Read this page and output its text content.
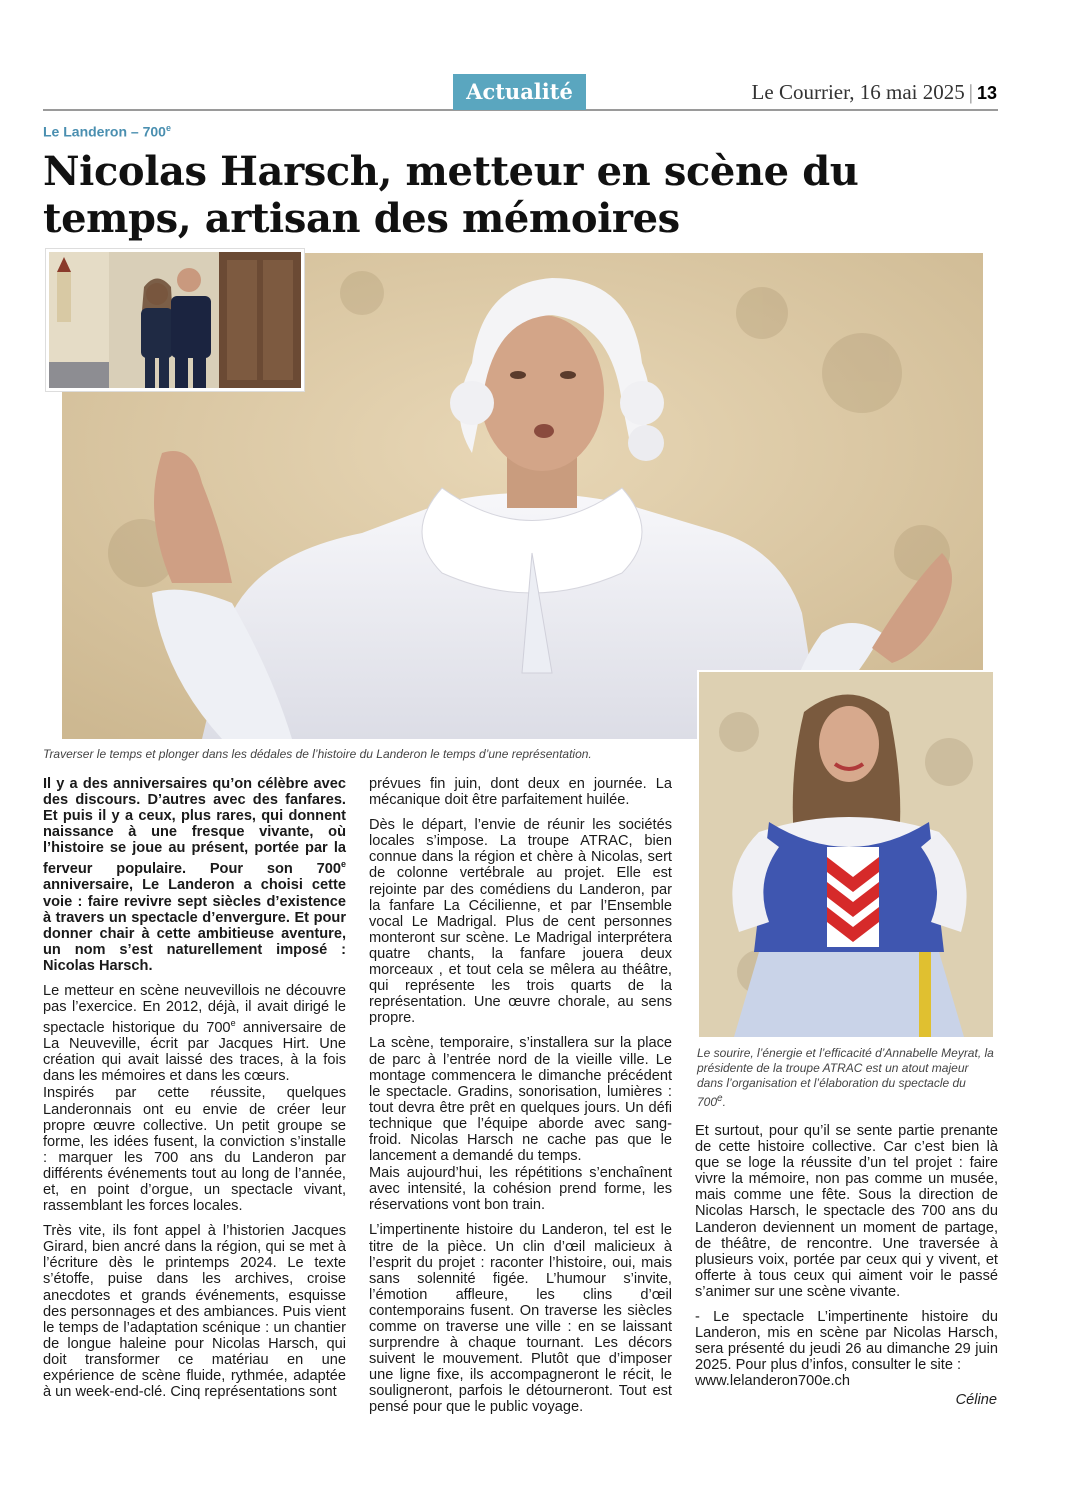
Actualité	Le Courrier, 16 mai 2025 | 13
Le Landeron – 700e
Nicolas Harsch, metteur en scène du temps, artisan des mémoires
Traverser le temps et plonger dans les dédales de l’histoire du Landeron le temps d’une représentation.
Le sourire, l’énergie et l’efficacité d’Annabelle Meyrat, la présidente de la troupe ATRAC est un atout majeur dans l’organisation et l’élaboration du spectacle du 700e.

Il y a des anniversaires qu’on célèbre avec des discours. D’autres avec des fanfares. Et puis il y a ceux, plus rares, qui donnent naissance à une fresque vivante, où l’histoire se joue au présent, portée par la ferveur populaire. Pour son 700e anniversaire, Le Landeron a choisi cette voie : faire revivre sept siècles d’existence à travers un spectacle d’envergure. Et pour donner chair à cette ambitieuse aventure, un nom s’est naturellement imposé : Nicolas Harsch.

Le metteur en scène neuvevillois ne découvre pas l’exercice. En 2012, déjà, il avait dirigé le spectacle historique du 700e anniversaire de La Neuveville, écrit par Jacques Hirt. Une création qui avait laissé des traces, à la fois dans les mémoires et dans les cœurs.

Inspirés par cette réussite, quelques Landeronnais ont eu envie de créer leur propre œuvre collective. Un petit groupe se forme, les idées fusent, la conviction s’installe : marquer les 700 ans du Landeron par différents événements tout au long de l’année, et, en point d’orgue, un spectacle vivant, rassemblant les forces locales.

Très vite, ils font appel à l’historien Jacques Girard, bien ancré dans la région, qui se met à l’écriture dès le printemps 2024. Le texte s’étoffe, puise dans les archives, croise anecdotes et grands événements, esquisse des personnages et des ambiances. Puis vient le temps de l’adaptation scénique : un chantier de longue haleine pour Nicolas Harsch, qui doit transformer ce matériau en une expérience de scène fluide, rythmée, adaptée à un week-end-clé. Cinq représentations sont

prévues fin juin, dont deux en journée. La mécanique doit être parfaitement huilée.

Dès le départ, l’envie de réunir les sociétés locales s’impose. La troupe ATRAC, bien connue dans la région et chère à Nicolas, sert de colonne vertébrale au projet. Elle est rejointe par des comédiens du Landeron, par la fanfare La Cécilienne, et par l’Ensemble vocal Le Madrigal. Plus de cent personnes monteront sur scène. Le Madrigal interprétera quatre chants, la fanfare jouera deux morceaux , et tout cela se mêlera au théâtre, qui représente les trois quarts de la représentation. Une œuvre chorale, au sens propre.

La scène, temporaire, s’installera sur la place de parc à l’entrée nord de la vieille ville. Le montage commencera le dimanche précédent le spectacle. Gradins, sonorisation, lumières : tout devra être prêt en quelques jours. Un défi technique que l’équipe aborde avec sang-froid. Nicolas Harsch ne cache pas que le lancement a demandé du temps.

Mais aujourd’hui, les répétitions s’enchaînent avec intensité, la cohésion prend forme, les réservations vont bon train.

L’impertinente histoire du Landeron, tel est le titre de la pièce. Un clin d’œil malicieux à l’esprit du projet : raconter l’histoire, oui, mais sans solennité figée. L’humour s’invite, l’émotion affleure, les clins d’œil contemporains fusent. On traverse les siècles comme on traverse une ville : en se laissant surprendre à chaque tournant. Les décors suivent le mouvement. Plutôt que d’imposer une ligne fixe, ils accompagneront le récit, le souligneront, parfois le détourneront. Tout est pensé pour que le public voyage.

Et surtout, pour qu’il se sente partie prenante de cette histoire collective. Car c’est bien là que se loge la réussite d’un tel projet : faire vivre la mémoire, non pas comme un musée, mais comme une fête. Sous la direction de Nicolas Harsch, le spectacle des 700 ans du Landeron deviennent un moment de partage, de théâtre, de rencontre. Une traversée à plusieurs voix, portée par ceux qui y vivent, et offerte à tous ceux qui aiment voir le passé s’animer sur une scène vivante.

- Le spectacle L’impertinente histoire du Landeron, mis en scène par Nicolas Harsch, sera présenté du jeudi 26 au dimanche 29 juin 2025. Pour plus d’infos, consulter le site :
www.lelanderon700e.ch

Céline
